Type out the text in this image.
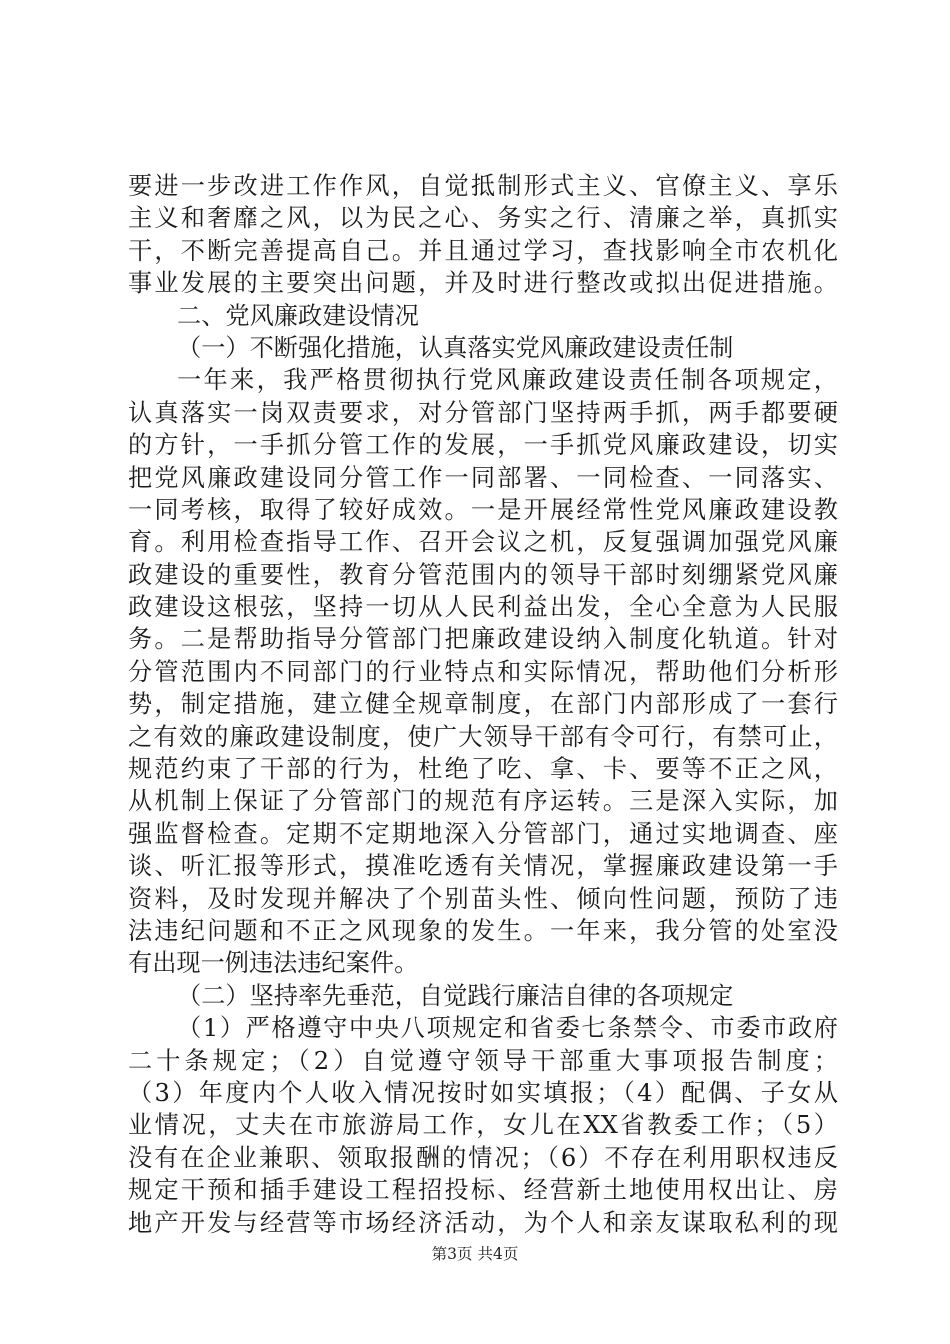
要进一步改进工作作风，自觉抵制形式主义、官僚主义、享乐
主义和奢靡之风，以为民之心、务实之行、清廉之举，真抓实
干，不断完善提高自己。并且通过学习，查找影响全市农机化
事业发展的主要突出问题，并及时进行整改或拟出促进措施。
二、党风廉政建设情况
（一）不断强化措施，认真落实党风廉政建设责任制
一年来，我严格贯彻执行党风廉政建设责任制各项规定，
认真落实一岗双责要求，对分管部门坚持两手抓，两手都要硬
的方针，一手抓分管工作的发展，一手抓党风廉政建设，切实
把党风廉政建设同分管工作一同部署、一同检查、一同落实、
一同考核，取得了较好成效。一是开展经常性党风廉政建设教
育。利用检查指导工作、召开会议之机，反复强调加强党风廉
政建设的重要性，教育分管范围内的领导干部时刻绷紧党风廉
政建设这根弦，坚持一切从人民利益出发，全心全意为人民服
务。二是帮助指导分管部门把廉政建设纳入制度化轨道。针对
分管范围内不同部门的行业特点和实际情况，帮助他们分析形
势，制定措施，建立健全规章制度，在部门内部形成了一套行
之有效的廉政建设制度，使广大领导干部有令可行，有禁可止，
规范约束了干部的行为，杜绝了吃、拿、卡、要等不正之风，
从机制上保证了分管部门的规范有序运转。三是深入实际，加
强监督检查。定期不定期地深入分管部门，通过实地调查、座
谈、听汇报等形式，摸准吃透有关情况，掌握廉政建设第一手
资料，及时发现并解决了个别苗头性、倾向性问题，预防了违
法违纪问题和不正之风现象的发生。一年来，我分管的处室没
有出现一例违法违纪案件。
（二）坚持率先垂范，自觉践行廉洁自律的各项规定
（1）严格遵守中央八项规定和省委七条禁令、市委市政府
二十条规定；（2）自觉遵守领导干部重大事项报告制度；
（3）年度内个人收入情况按时如实填报；（4）配偶、子女从
业情况，丈夫在市旅游局工作，女儿在XX省教委工作；（5）
没有在企业兼职、领取报酬的情况；（6）不存在利用职权违反
规定干预和插手建设工程招投标、经营新土地使用权出让、房
地产开发与经营等市场经济活动，为个人和亲友谋取私利的现
第3页 共4页
